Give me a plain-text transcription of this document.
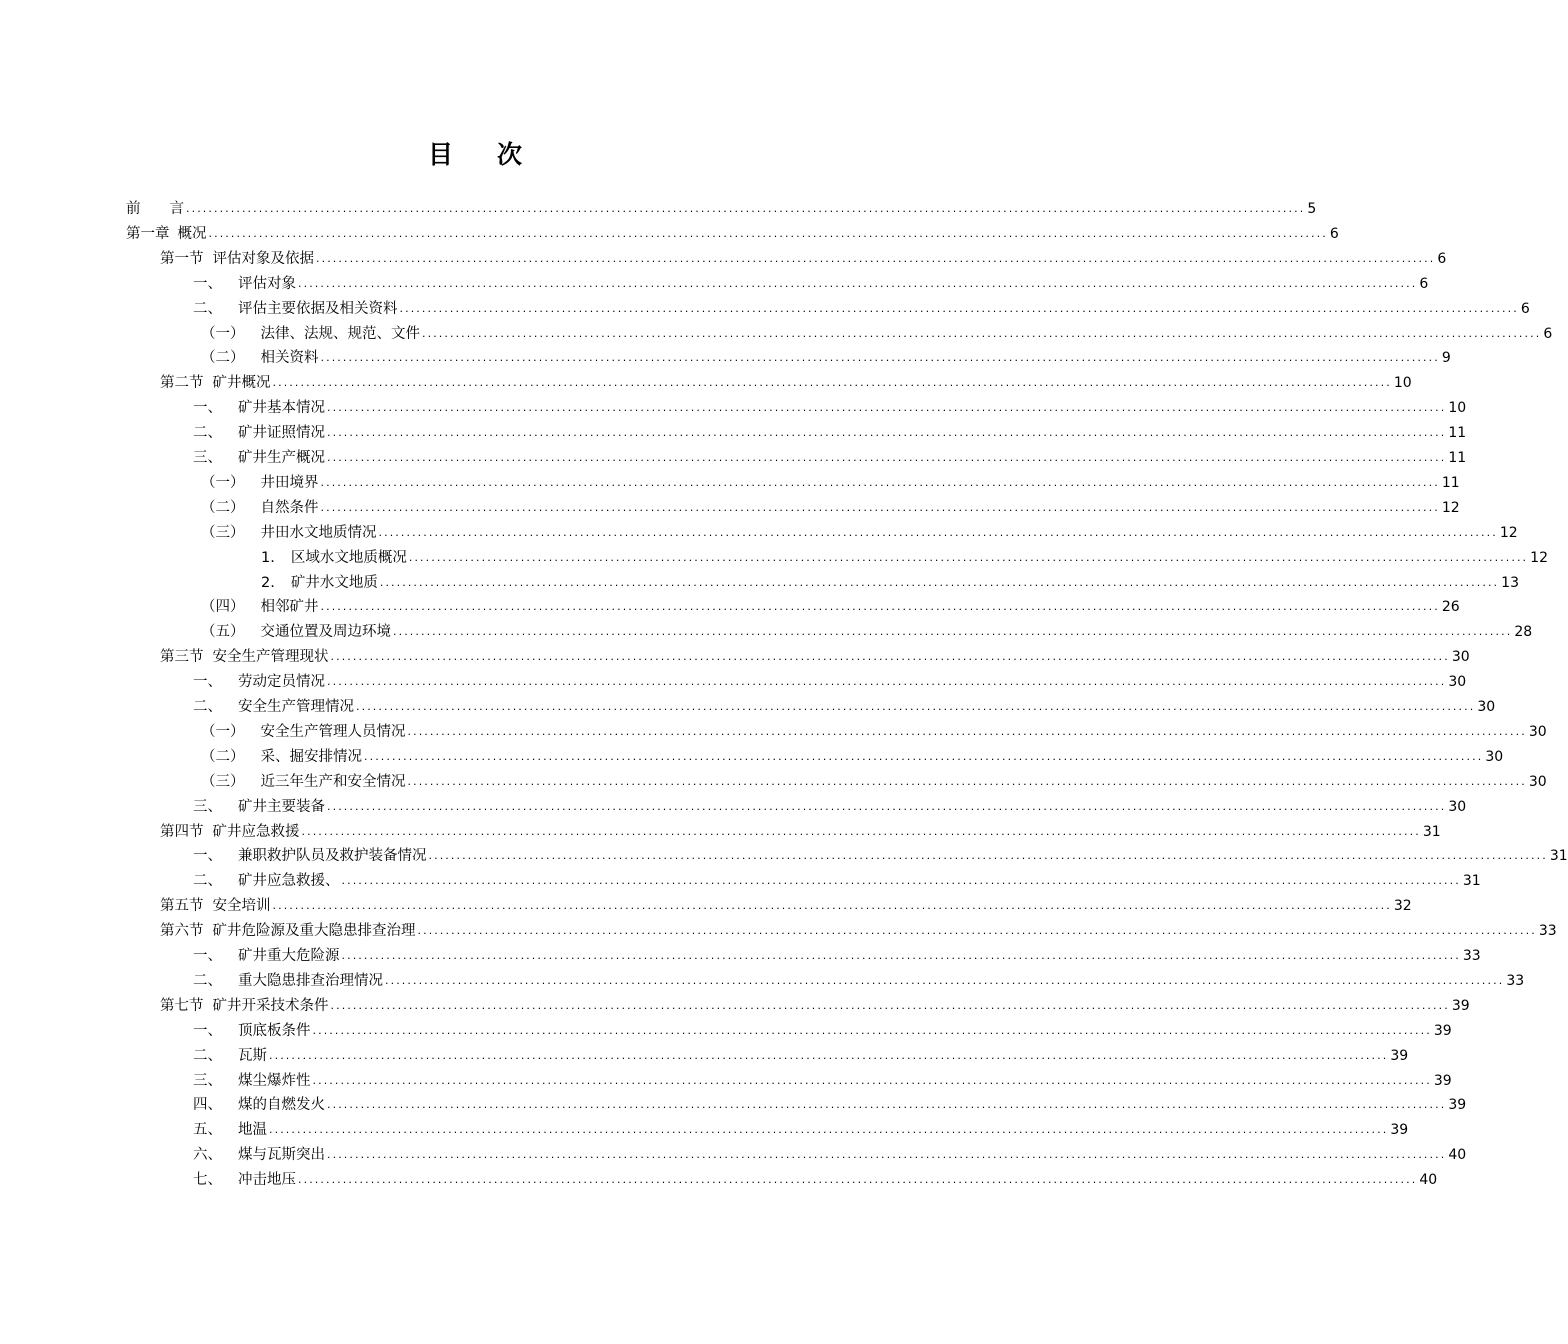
目 次
前　　言 ........................................................................................................................................................................................................ 5
第一章 概况 ........................................................................................................................................................................................................ 6
第一节 评估对象及依据 ........................................................................................................................................................................................................ 6
一、 评估对象 ........................................................................................................................................................................................................ 6
二、 评估主要依据及相关资料 ........................................................................................................................................................................................................ 6
（一） 法律、法规、规范、文件 ........................................................................................................................................................................................................ 6
（二） 相关资料 ........................................................................................................................................................................................................ 9
第二节 矿井概况 ........................................................................................................................................................................................................ 10
一、 矿井基本情况 ........................................................................................................................................................................................................ 10
二、 矿井证照情况 ........................................................................................................................................................................................................ 11
三、 矿井生产概况 ........................................................................................................................................................................................................ 11
（一） 井田境界 ........................................................................................................................................................................................................ 11
（二） 自然条件 ........................................................................................................................................................................................................ 12
（三） 井田水文地质情况 ........................................................................................................................................................................................................ 12
1. 区域水文地质概况 ........................................................................................................................................................................................................ 12
2. 矿井水文地质 ........................................................................................................................................................................................................ 13
（四） 相邻矿井 ........................................................................................................................................................................................................ 26
（五） 交通位置及周边环境 ........................................................................................................................................................................................................ 28
第三节 安全生产管理现状 ........................................................................................................................................................................................................ 30
一、 劳动定员情况 ........................................................................................................................................................................................................ 30
二、 安全生产管理情况 ........................................................................................................................................................................................................ 30
（一） 安全生产管理人员情况 ........................................................................................................................................................................................................ 30
（二） 采、掘安排情况 ........................................................................................................................................................................................................ 30
（三） 近三年生产和安全情况 ........................................................................................................................................................................................................ 30
三、 矿井主要装备 ........................................................................................................................................................................................................ 30
第四节 矿井应急救援 ........................................................................................................................................................................................................ 31
一、 兼职救护队员及救护装备情况 ........................................................................................................................................................................................................ 31
二、 矿井应急救援、 ........................................................................................................................................................................................................ 31
第五节 安全培训 ........................................................................................................................................................................................................ 32
第六节 矿井危险源及重大隐患排查治理 ........................................................................................................................................................................................................ 33
一、 矿井重大危险源 ........................................................................................................................................................................................................ 33
二、 重大隐患排查治理情况 ........................................................................................................................................................................................................ 33
第七节 矿井开采技术条件 ........................................................................................................................................................................................................ 39
一、 顶底板条件 ........................................................................................................................................................................................................ 39
二、 瓦斯 ........................................................................................................................................................................................................ 39
三、 煤尘爆炸性 ........................................................................................................................................................................................................ 39
四、 煤的自燃发火 ........................................................................................................................................................................................................ 39
五、 地温 ........................................................................................................................................................................................................ 39
六、 煤与瓦斯突出 ........................................................................................................................................................................................................ 40
七、 冲击地压 ........................................................................................................................................................................................................ 40
